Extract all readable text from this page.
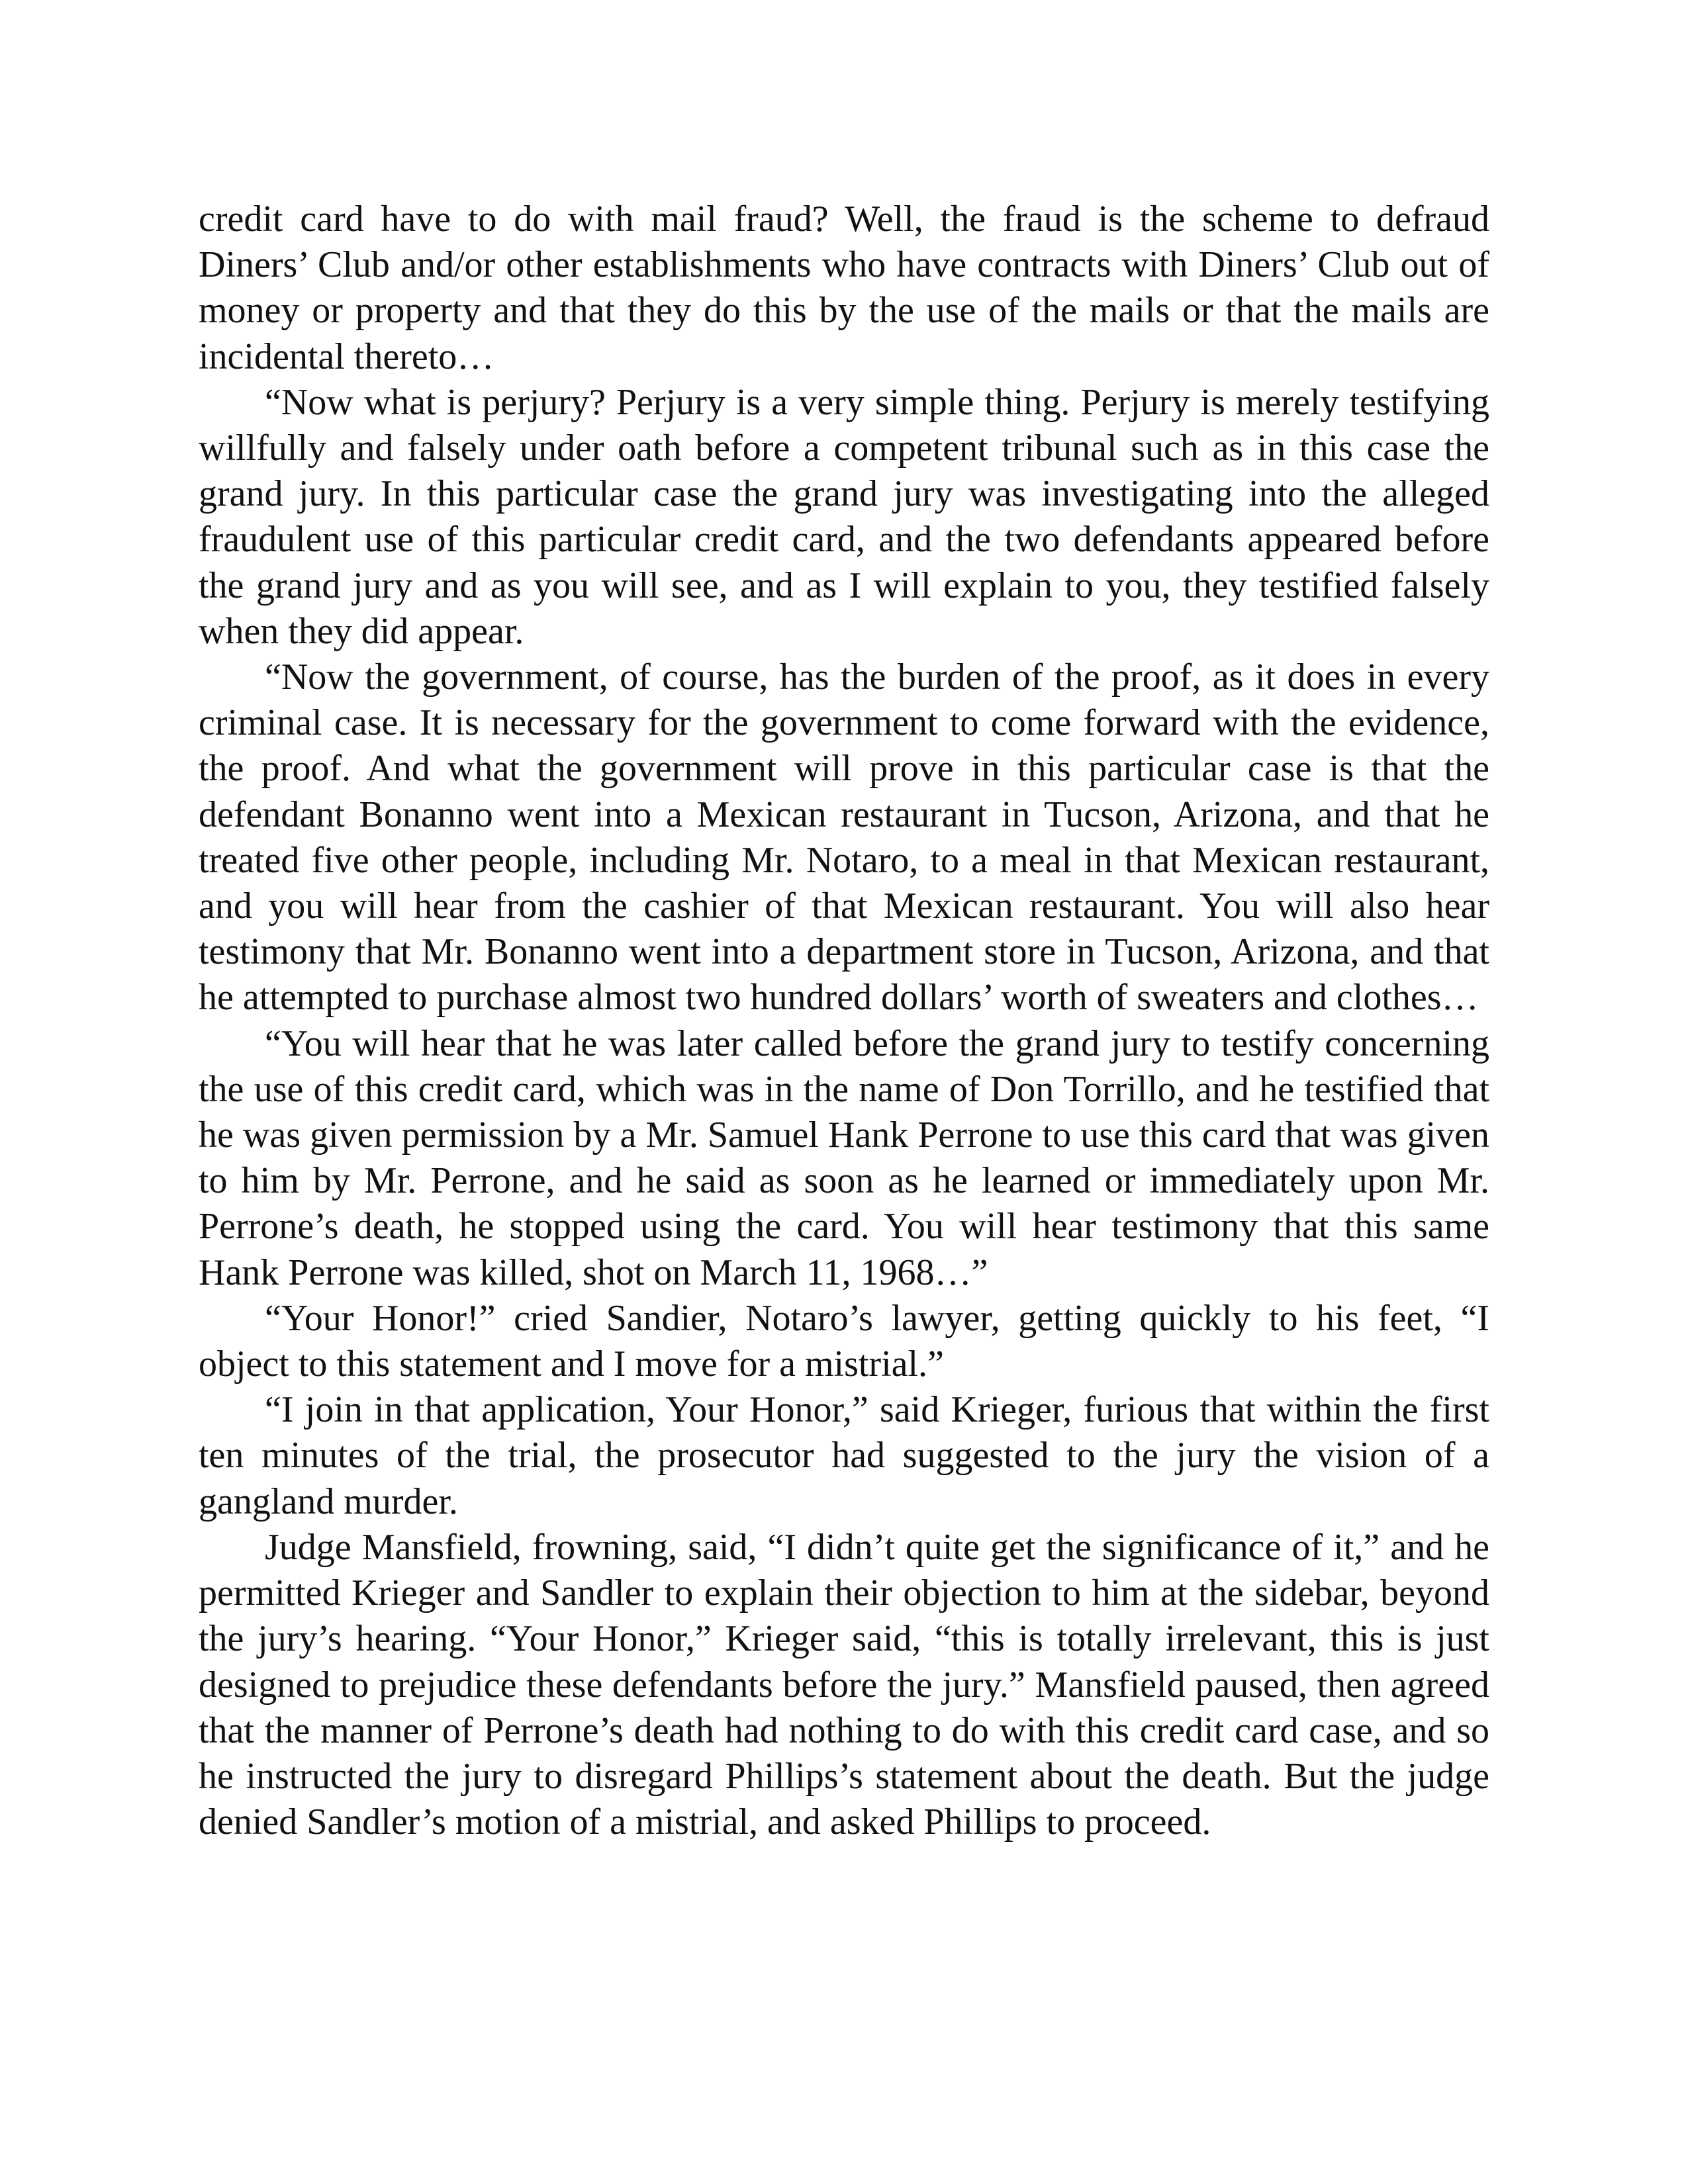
credit card have to do with mail fraud? Well, the fraud is the scheme to defraud Diners’ Club and/or other establishments who have contracts with Diners’ Club out of money or property and that they do this by the use of the mails or that the mails are incidental thereto…

“Now what is perjury? Perjury is a very simple thing. Perjury is merely testifying willfully and falsely under oath before a competent tribunal such as in this case the grand jury. In this particular case the grand jury was investigating into the alleged fraudulent use of this particular credit card, and the two defendants appeared before the grand jury and as you will see, and as I will explain to you, they testified falsely when they did appear.

“Now the government, of course, has the burden of the proof, as it does in every criminal case. It is necessary for the government to come forward with the evidence, the proof. And what the government will prove in this particular case is that the defendant Bonanno went into a Mexican restaurant in Tucson, Arizona, and that he treated five other people, including Mr. Notaro, to a meal in that Mexican restaurant, and you will hear from the cashier of that Mexican restaurant. You will also hear testimony that Mr. Bonanno went into a department store in Tucson, Arizona, and that he attempted to purchase almost two hundred dollars’ worth of sweaters and clothes…

“You will hear that he was later called before the grand jury to testify concerning the use of this credit card, which was in the name of Don Torrillo, and he testified that he was given permission by a Mr. Samuel Hank Perrone to use this card that was given to him by Mr. Perrone, and he said as soon as he learned or immediately upon Mr. Perrone’s death, he stopped using the card. You will hear testimony that this same Hank Perrone was killed, shot on March 11, 1968…”

“Your Honor!” cried Sandier, Notaro’s lawyer, getting quickly to his feet, “I object to this statement and I move for a mistrial.”

“I join in that application, Your Honor,” said Krieger, furious that within the first ten minutes of the trial, the prosecutor had suggested to the jury the vision of a gangland murder.

Judge Mansfield, frowning, said, “I didn’t quite get the significance of it,” and he permitted Krieger and Sandler to explain their objection to him at the sidebar, beyond the jury’s hearing. “Your Honor,” Krieger said, “this is totally irrelevant, this is just designed to prejudice these defendants before the jury.” Mansfield paused, then agreed that the manner of Perrone’s death had nothing to do with this credit card case, and so he instructed the jury to disregard Phillips’s statement about the death. But the judge denied Sandler’s motion of a mistrial, and asked Phillips to proceed.
